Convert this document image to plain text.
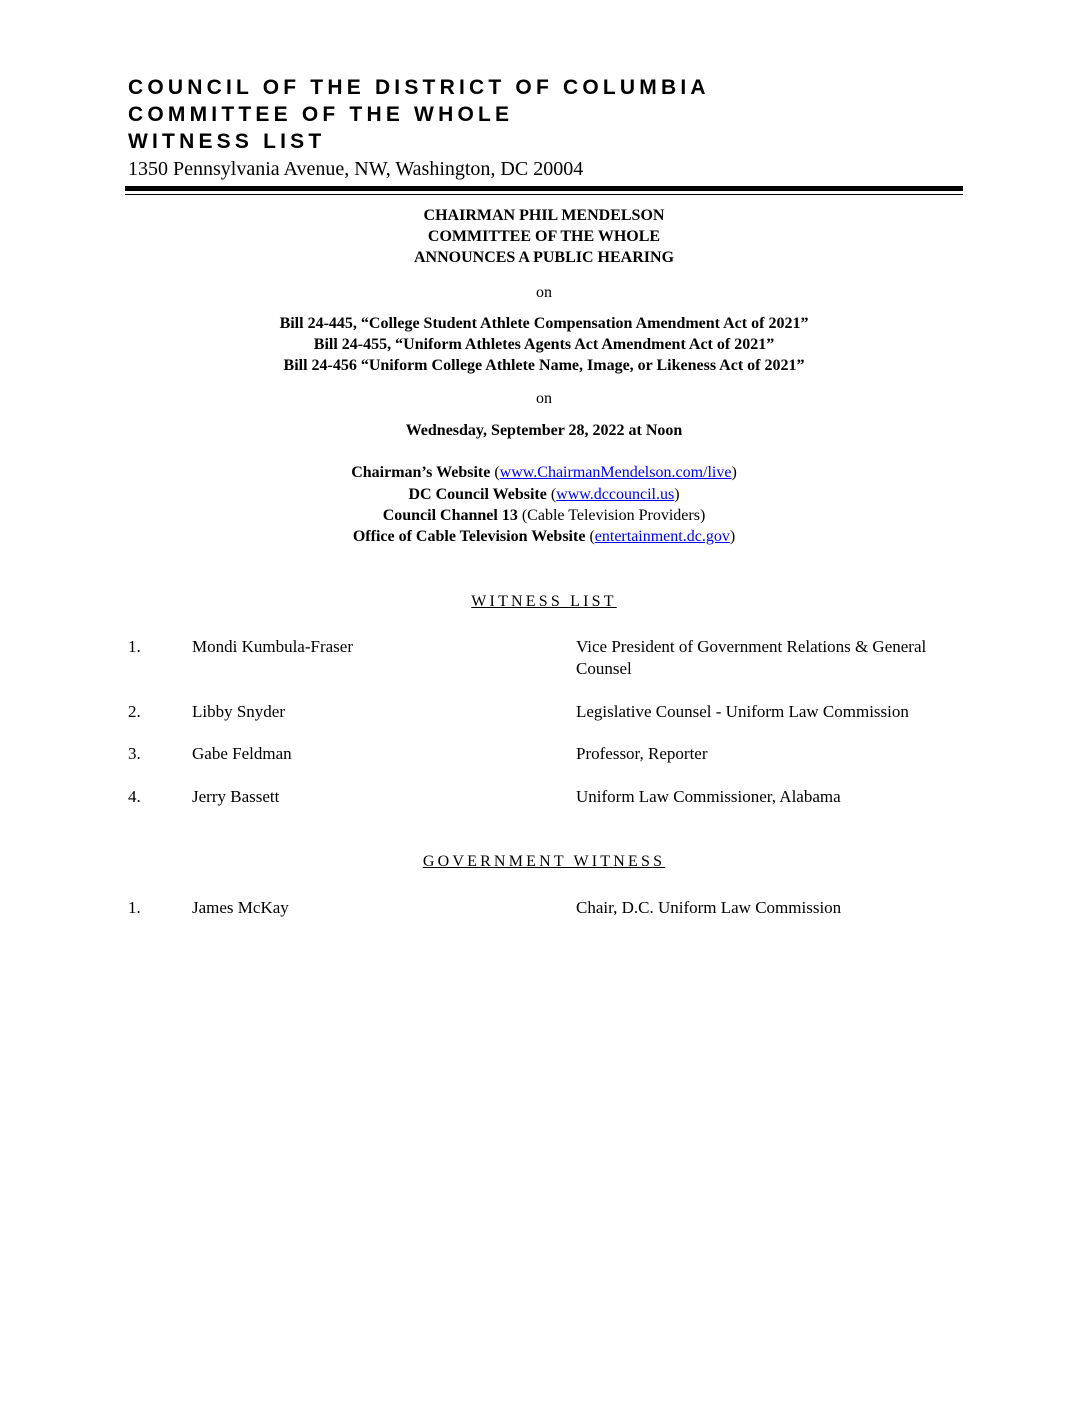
COUNCIL OF THE DISTRICT OF COLUMBIA
COMMITTEE OF THE WHOLE
WITNESS LIST
1350 Pennsylvania Avenue, NW, Washington, DC 20004
CHAIRMAN PHIL MENDELSON
COMMITTEE OF THE WHOLE
ANNOUNCES A PUBLIC HEARING
on
Bill 24-445, “College Student Athlete Compensation Amendment Act of 2021”
Bill 24-455, “Uniform Athletes Agents Act Amendment Act of 2021”
Bill 24-456 “Uniform College Athlete Name, Image, or Likeness Act of 2021”
on
Wednesday, September 28, 2022 at Noon
Chairman’s Website (www.ChairmanMendelson.com/live)
DC Council Website (www.dccouncil.us)
Council Channel 13 (Cable Television Providers)
Office of Cable Television Website (entertainment.dc.gov)
WITNESS LIST
1.	Mondi Kumbula-Fraser	Vice President of Government Relations & General Counsel
2.	Libby Snyder	Legislative Counsel - Uniform Law Commission
3.	Gabe Feldman	Professor, Reporter
4.	Jerry Bassett	Uniform Law Commissioner, Alabama
GOVERNMENT WITNESS
1.	James McKay	Chair, D.C. Uniform Law Commission
